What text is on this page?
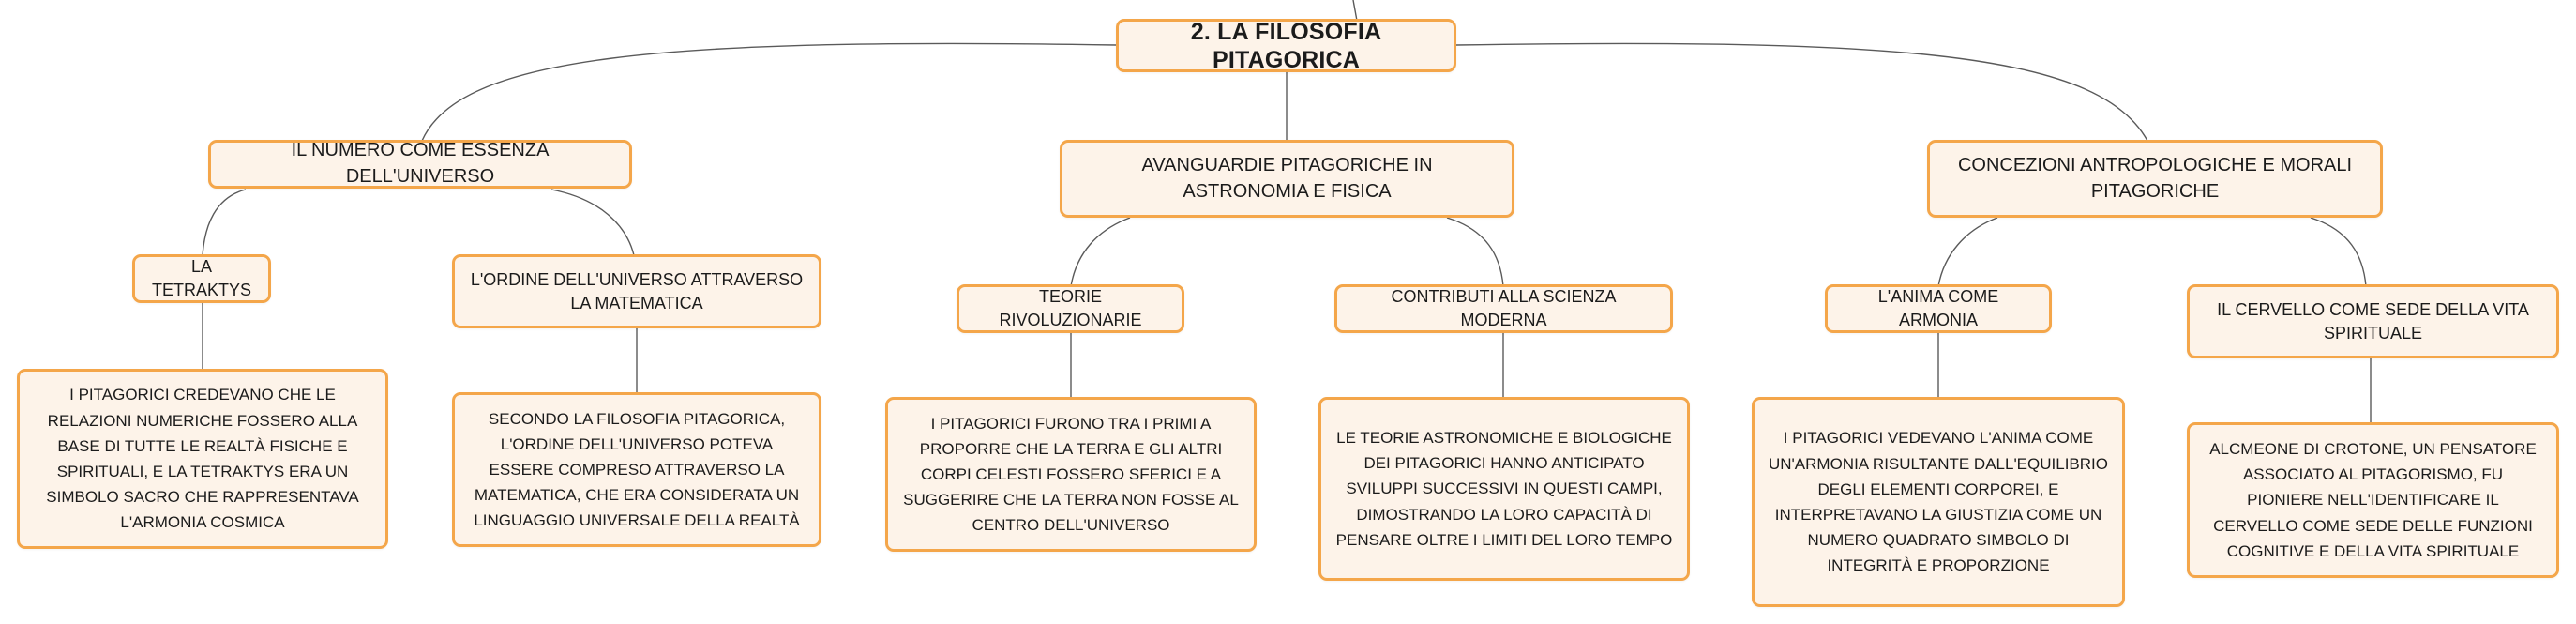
2. LA FILOSOFIA PITAGORICA
IL NUMERO COME ESSENZA DELL'UNIVERSO
AVANGUARDIE PITAGORICHE IN ASTRONOMIA E FISICA
CONCEZIONI ANTROPOLOGICHE E MORALI PITAGORICHE
LA TETRAKTYS
L'ORDINE DELL'UNIVERSO ATTRAVERSO LA MATEMATICA	TEORIE RIVOLUZIONARIE
CONTRIBUTI ALLA SCIENZA MODERNA
L'ANIMA COME ARMONIA
IL CERVELLO COME SEDE DELLA VITA SPIRITUALE
I PITAGORICI CREDEVANO CHE LE RELAZIONI NUMERICHE FOSSERO ALLA BASE DI TUTTE LE REALTÀ FISICHE E SPIRITUALI, E LA TETRAKTYS ERA UN SIMBOLO SACRO CHE RAPPRESENTAVA L'ARMONIA COSMICA
SECONDO LA FILOSOFIA PITAGORICA, L'ORDINE DELL'UNIVERSO POTEVA ESSERE COMPRESO ATTRAVERSO LA MATEMATICA, CHE ERA CONSIDERATA UN LINGUAGGIO UNIVERSALE DELLA REALTÀ
I PITAGORICI FURONO TRA I PRIMI A PROPORRE CHE LA TERRA E GLI ALTRI CORPI CELESTI FOSSERO SFERICI E A SUGGERIRE CHE LA TERRA NON FOSSE AL CENTRO DELL'UNIVERSO
LE TEORIE ASTRONOMICHE E BIOLOGICHE DEI PITAGORICI HANNO ANTICIPATO SVILUPPI SUCCESSIVI IN QUESTI CAMPI, DIMOSTRANDO LA LORO CAPACITÀ DI PENSARE OLTRE I LIMITI DEL LORO TEMPO
I PITAGORICI VEDEVANO L'ANIMA COME UN'ARMONIA RISULTANTE DALL'EQUILIBRIO DEGLI ELEMENTI CORPOREI, E INTERPRETAVANO LA GIUSTIZIA COME UN NUMERO QUADRATO SIMBOLO DI INTEGRITÀ E PROPORZIONE
ALCMEONE DI CROTONE, UN PENSATORE ASSOCIATO AL PITAGORISMO, FU PIONIERE NELL'IDENTIFICARE IL CERVELLO COME SEDE DELLE FUNZIONI COGNITIVE E DELLA VITA SPIRITUALE
